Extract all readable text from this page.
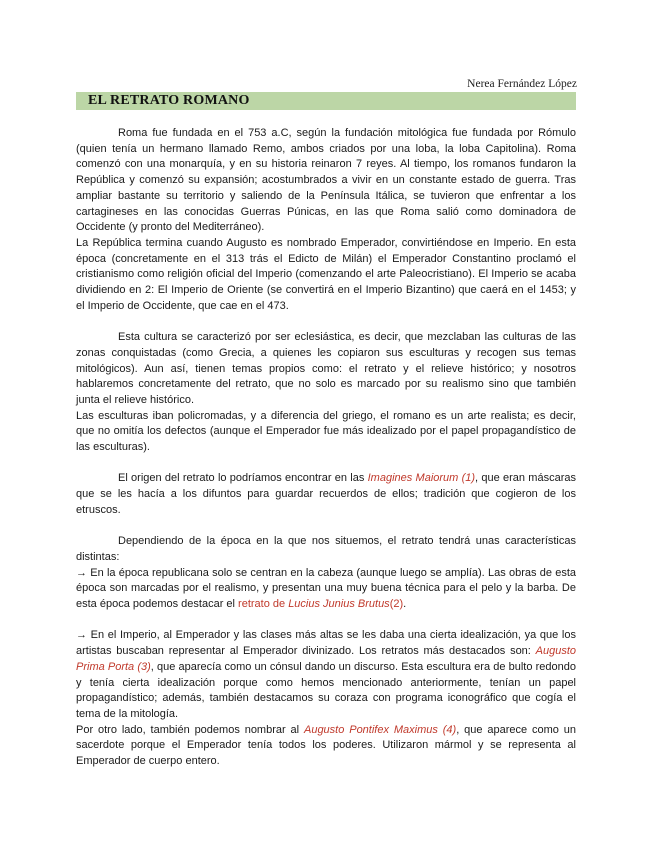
Nerea Fernández López
EL RETRATO ROMANO

Roma fue fundada en el 753 a.C, según la fundación mitológica fue fundada por Rómulo (quien tenía un hermano llamado Remo, ambos criados por una loba, la loba Capitolina). Roma comenzó con una monarquía, y en su historia reinaron 7 reyes. Al tiempo, los romanos fundaron la República y comenzó su expansión; acostumbrados a vivir en un constante estado de guerra. Tras ampliar bastante su territorio y saliendo de la Península Itálica, se tuvieron que enfrentar a los cartagineses en las conocidas Guerras Púnicas, en las que Roma salió como dominadora de Occidente (y pronto del Mediterráneo).

La República termina cuando Augusto es nombrado Emperador, convirtiéndose en Imperio. En esta época (concretamente en el 313 trás el Edicto de Milán) el Emperador Constantino proclamó el cristianismo como religión oficial del Imperio (comenzando el arte Paleocristiano). El Imperio se acaba dividiendo en 2: El Imperio de Oriente (se convertirá en el Imperio Bizantino) que caerá en el 1453; y el Imperio de Occidente, que cae en el 473.

Esta cultura se caracterizó por ser eclesiástica, es decir, que mezclaban las culturas de las zonas conquistadas (como Grecia, a quienes les copiaron sus esculturas y recogen sus temas mitológicos). Aun así, tienen temas propios como: el retrato y el relieve histórico; y nosotros hablaremos concretamente del retrato, que no solo es marcado por su realismo sino que también junta el relieve histórico.

Las esculturas iban policromadas, y a diferencia del griego, el romano es un arte realista; es decir, que no omitía los defectos (aunque el Emperador fue más idealizado por el papel propagandístico de las esculturas).

El origen del retrato lo podríamos encontrar en las Imagines Maiorum (1), que eran máscaras que se les hacía a los difuntos para guardar recuerdos de ellos; tradición que cogieron de los etruscos.

Dependiendo de la época en la que nos situemos, el retrato tendrá unas características distintas:

→ En la época republicana solo se centran en la cabeza (aunque luego se amplía). Las obras de esta época son marcadas por el realismo, y presentan una muy buena técnica para el pelo y la barba. De esta época podemos destacar el retrato de Lucius Junius Brutus(2).

→ En el Imperio, al Emperador y las clases más altas se les daba una cierta idealización, ya que los artistas buscaban representar al Emperador divinizado. Los retratos más destacados son: Augusto Prima Porta (3), que aparecía como un cónsul dando un discurso. Esta escultura era de bulto redondo y tenía cierta idealización porque como hemos mencionado anteriormente, tenían un papel propagandístico; además, también destacamos su coraza con programa iconográfico que cogía el tema de la mitología.

Por otro lado, también podemos nombrar al Augusto Pontifex Maximus (4), que aparece como un sacerdote porque el Emperador tenía todos los poderes. Utilizaron mármol y se representa al Emperador de cuerpo entero.
